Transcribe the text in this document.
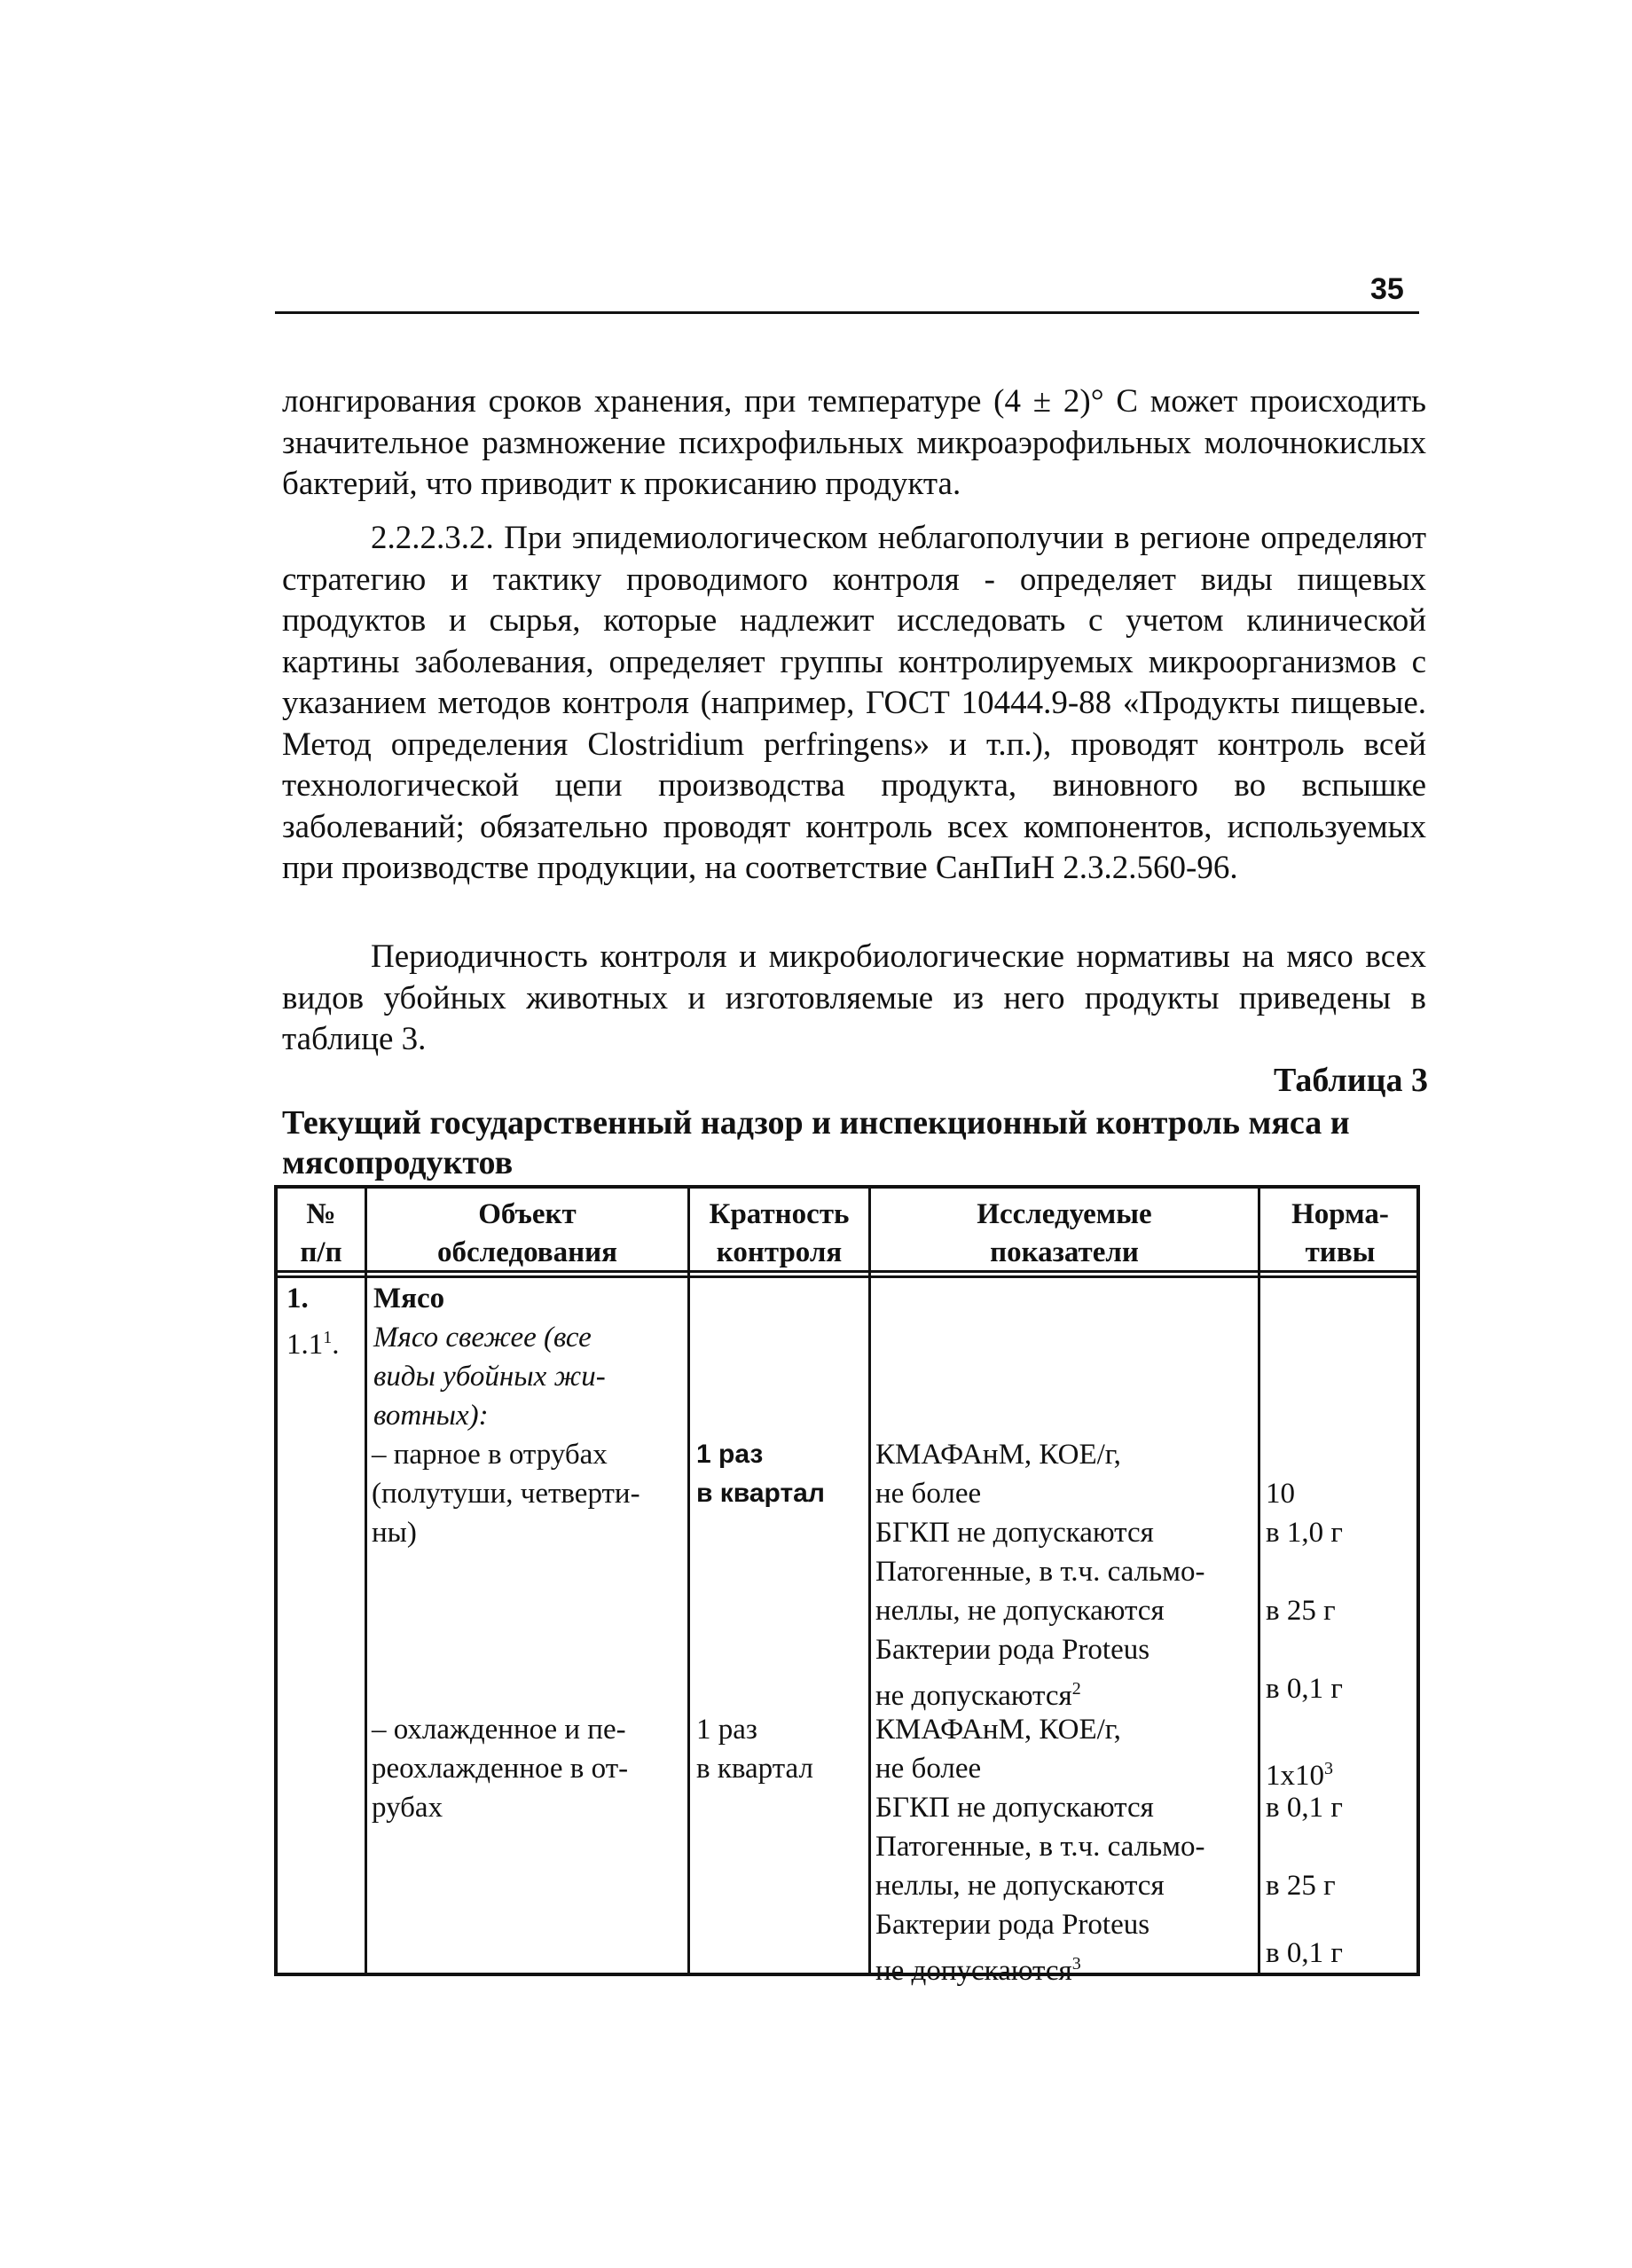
35
лонгирования сроков хранения, при температуре (4 ± 2)° С может происходить значительное размножение психрофильных микроаэрофильных молочнокислых бактерий, что приводит к прокисанию продукта.
2.2.2.3.2. При эпидемиологическом неблагополучии в регионе определяют стратегию и тактику проводимого контроля - определяет виды пищевых продуктов и сырья, которые надлежит исследовать с учетом клинической картины заболевания, определяет группы контролируемых микроорганизмов с указанием методов контроля (например, ГОСТ 10444.9-88 «Продукты пищевые. Метод определения Clostridium perfringens» и т.п.), проводят контроль всей технологической цепи производства продукта, виновного во вспышке заболеваний; обязательно проводят контроль всех компонентов, используемых при производстве продукции, на соответствие СанПиН 2.3.2.560-96.
Периодичность контроля и микробиологические нормативы на мясо всех видов убойных животных и изготовляемые из него продукты приведены в таблице 3.
Таблица 3
Текущий государственный надзор и инспекционный контроль мяса и мясопродуктов
№
п/п
Объект
обследования
Кратность
контроля
Исследуемые
показатели
Норма-
тивы
1. Мясо
$1.1^1$. Мясо свежее (все
виды убойных жи-
вотных):
– парное в отрубах
(полутуши, четверти-
ны)
1 раз
в квартал
КМАФАнМ, КОЕ/г,
не более
БГКП не допускаются
Патогенные, в т.ч. сальмо-
неллы, не допускаются
Бактерии рода Proteus
не допускаются$^2$
10
в 1,0 г
в 25 г
в 0,1 г
– охлажденное и пе-
реохлажденное в от-
рубах
1 раз
в квартал
КМАФАнМ, КОЕ/г,
не более
БГКП не допускаются
Патогенные, в т.ч. сальмо-
неллы, не допускаются
Бактерии рода Proteus
не допускаются$^3$
$1x10^3$
в 0,1 г
в 25 г
в 0,1 г
